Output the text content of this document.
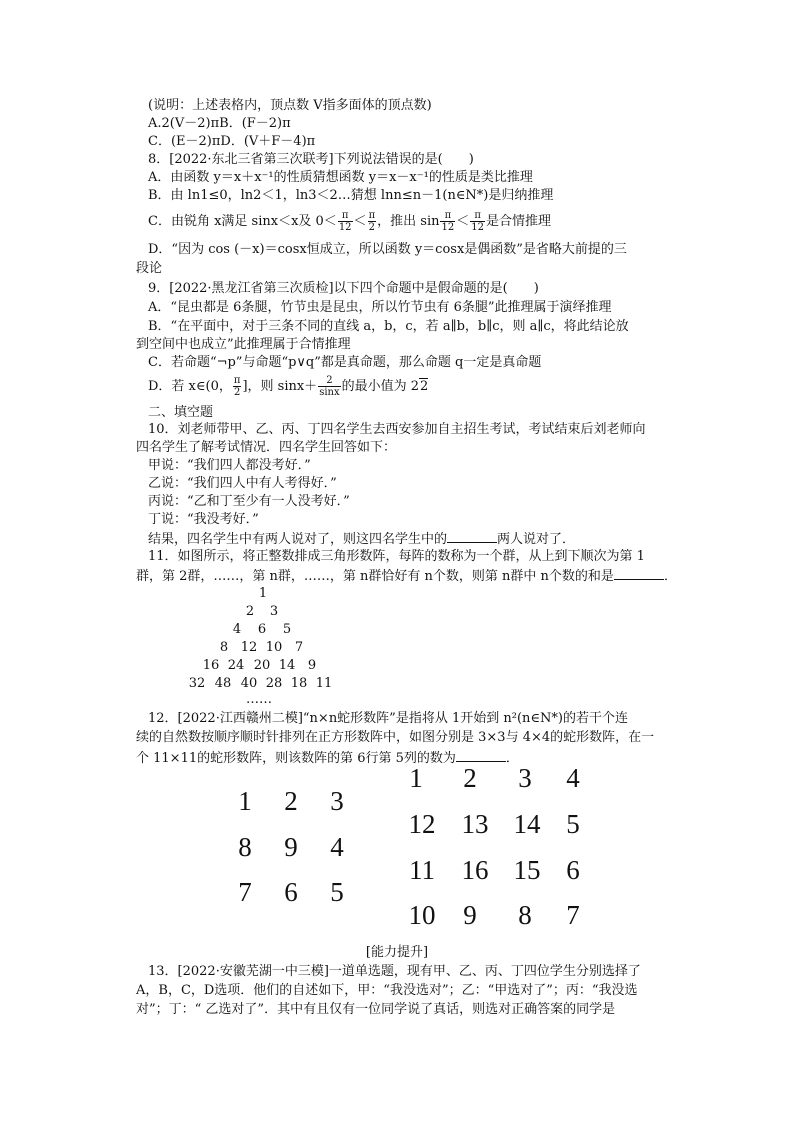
(说明：上述表格内，顶点数 V指多面体的顶点数)
A.2(V－2)πB．(F－2)π
C．(E－2)πD．(V＋F－4)π
8．[2022·东北三省第三次联考]下列说法错误的是(　　)
A．由函数 y＝x＋x⁻¹的性质猜想函数 y＝x－x⁻¹的性质是类比推理
B．由 ln1≤0，ln2＜1，ln3＜2…猜想 lnn≤n－1(n∈N*)是归纳推理
C．由锐角 x满足 sinx＜x及 $0< \frac{\pi}{12} < \frac{\pi}{2}$ ，推出 $\sin \frac{\pi}{12} < \frac{\pi}{12}$ 是合情推理
D．“因为 cos (－x)＝cosx恒成立，所以函数 y＝cosx是偶函数”是省略大前提的三
段论
9．[2022·黑龙江省第三次质检]以下四个命题中是假命题的是(　　)
A．“昆虫都是 6条腿，竹节虫是昆虫，所以竹节虫有 6条腿”此推理属于演绎推理
B．“在平面中，对于三条不同的直线 a，b，c，若 a∥b，b∥c，则 a∥c，将此结论放
到空间中也成立”此推理属于合情推理
C．若命题“¬p”与命题“p∨q”都是真命题，那么命题 q一定是真命题
D．若 x∈(0， $\frac{\pi}{2}$ ]，则 $\sin x+ \frac{2}{\sin x}$ 的最小值为 22
二、填空题
10．刘老师带甲、乙、丙、丁四名学生去西安参加自主招生考试，考试结束后刘老师向
四名学生了解考试情况．四名学生回答如下：
甲说：“我们四人都没考好．”
乙说：“我们四人中有人考得好．”
丙说：“乙和丁至少有一人没考好．”
丁说：“我没考好．”
结果，四名学生中有两人说对了，则这四名学生中的	两人说对了．
11．如图所示，将正整数排成三角形数阵，每阵的数称为一个群，从上到下顺次为第 1
群，第 2群，……，第 n群，……，第 n群恰好有 n个数，则第 n群中 n个数的和是	．
1
2	3
4	6	5
8 12 10 7
16 24 20 14 9
32 48 40 28 18 11
……
12．[2022·江西赣州二模]“n×n蛇形数阵”是指将从 1开始到 n²(n∈N*)的若干个连
续的自然数按顺序顺时针排列在正方形数阵中，如图分别是 3×3与 4×4的蛇形数阵，在一
个 11×11的蛇形数阵，则该数阵的第 6行第 5列的数为	．
1	2	3
8	9	4
7	6	5
1	2	3	4
12 13 14 5
11 16 15 6
10	9	8	7
[能力提升]
13．[2022·安徽芜湖一中三模]一道单选题，现有甲、乙、丙、丁四位学生分别选择了
A，B，C，D选项．他们的自述如下，甲：“我没选对”；乙：“甲选对了”；丙：“我没选
对”；丁：“ 乙选对了”．其中有且仅有一位同学说了真话，则选对正确答案的同学是
